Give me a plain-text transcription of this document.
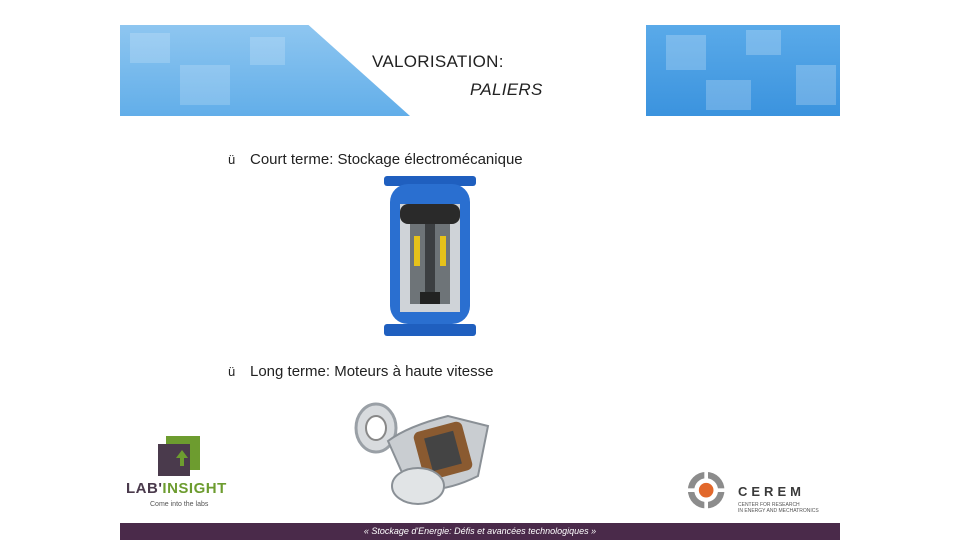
VALORISATION:
PALIERS
ü Court terme: Stockage électromécanique
ü Long terme: Moteurs à haute vitesse
LAB'INSIGHT
Come into the labs
CEREM
CENTER FOR RESEARCH
IN ENERGY AND MECHATRONICS
« Stockage d'Energie: Défis et avancées technologiques »
